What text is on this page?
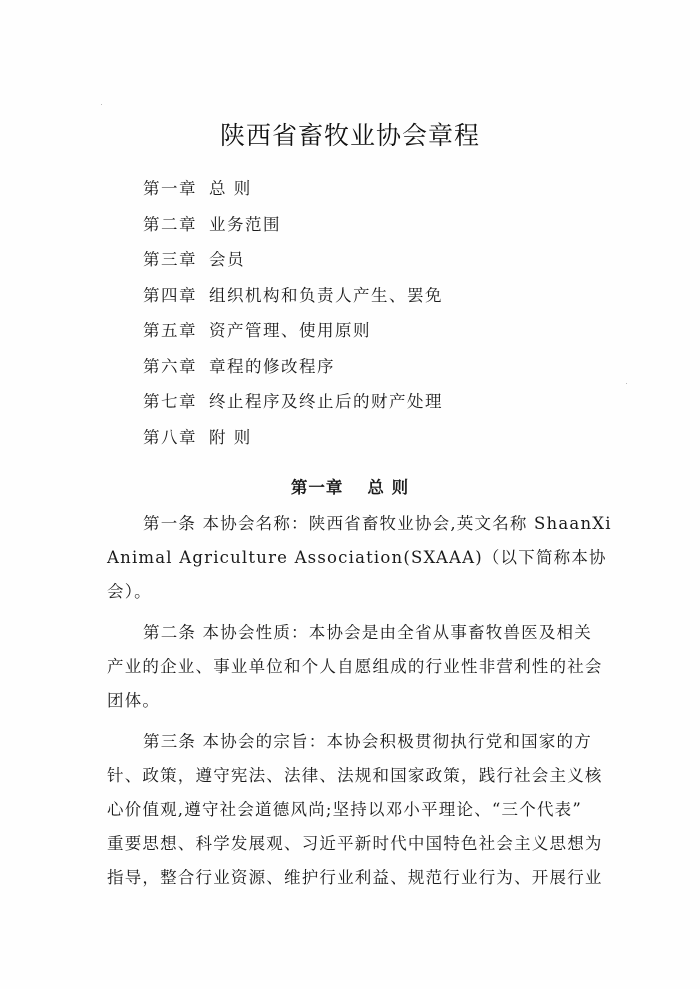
陕西省畜牧业协会章程
第一章 总 则
第二章 业务范围
第三章 会员
第四章 组织机构和负责人产生、罢免
第五章 资产管理、使用原则
第六章 章程的修改程序
第七章 终止程序及终止后的财产处理
第八章 附 则
第一章 总 则
第一条 本协会名称：陕西省畜牧业协会,英文名称 ShaanXi
Animal Agriculture Association(SXAAA)（以下简称本协
会）。
第二条 本协会性质：本协会是由全省从事畜牧兽医及相关
产业的企业、事业单位和个人自愿组成的行业性非营利性的社会
团体。
第三条 本协会的宗旨：本协会积极贯彻执行党和国家的方
针、政策，遵守宪法、法律、法规和国家政策，践行社会主义核
心价值观,遵守社会道德风尚;坚持以邓小平理论、“三个代表”
重要思想、科学发展观、习近平新时代中国特色社会主义思想为
指导，整合行业资源、维护行业利益、规范行业行为、开展行业
